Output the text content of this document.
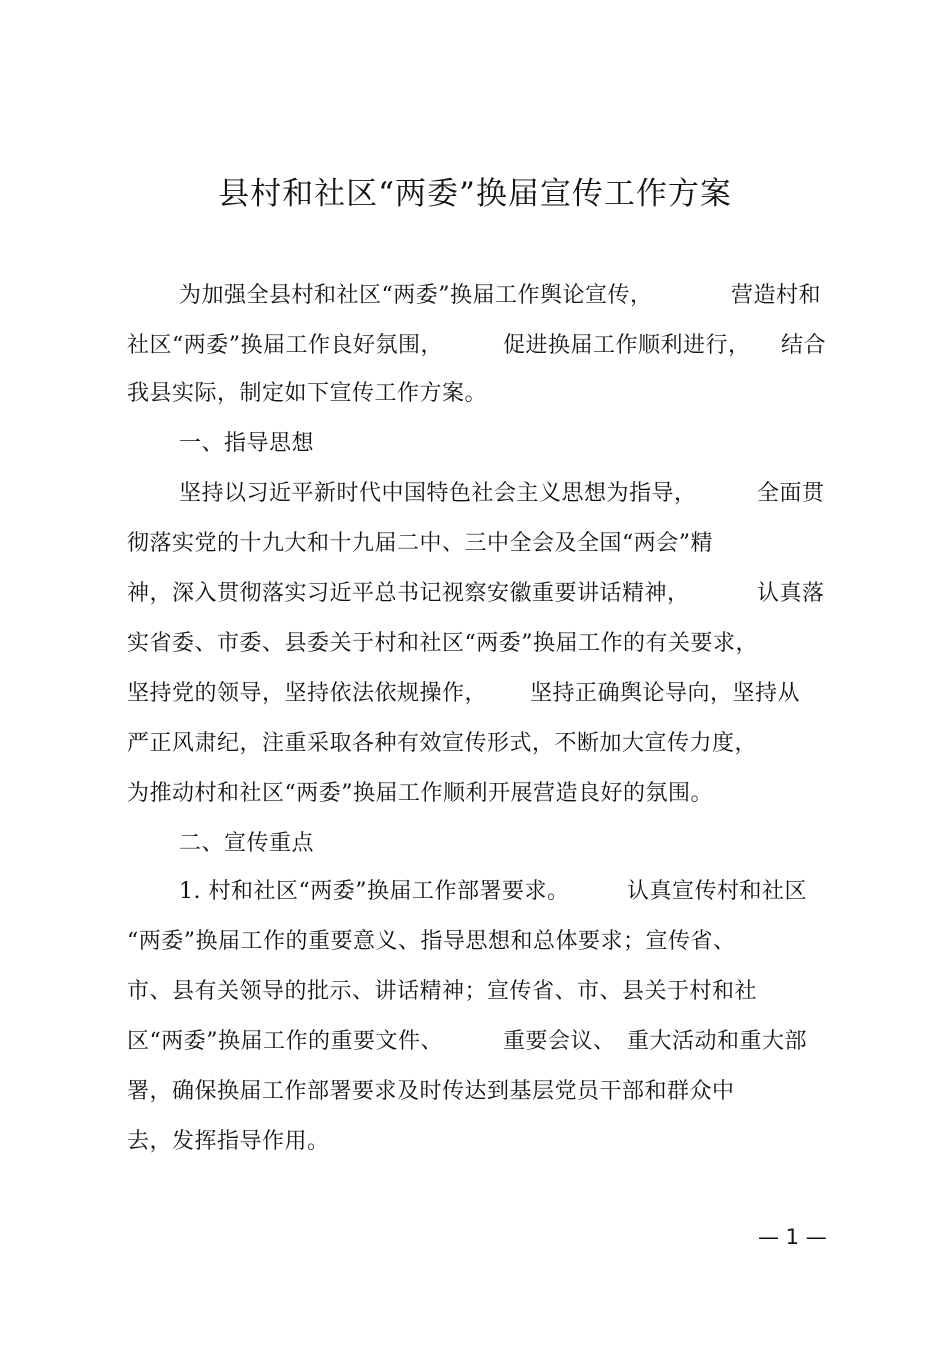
县村和社区“两委”换届宣传工作方案
为加强全县村和社区“两委”换届工作舆论宣传，	营造村和
社区“两委”换届工作良好氛围，	促进换届工作顺利进行， 结合
我县实际，制定如下宣传工作方案。
一、指导思想
坚持以习近平新时代中国特色社会主义思想为指导，	全面贯
彻落实党的十九大和十九届二中、三中全会及全国“两会”精
神，深入贯彻落实习近平总书记视察安徽重要讲话精神，	认真落
实省委、市委、县委关于村和社区“两委”换届工作的有关要求，
坚持党的领导，坚持依法依规操作， 坚持正确舆论导向，坚持从
严正风肃纪，注重采取各种有效宣传形式，不断加大宣传力度，
为推动村和社区“两委”换届工作顺利开展营造良好的氛围。
二、宣传重点
1. 村和社区“两委”换届工作部署要求。	认真宣传村和社区
“两委”换届工作的重要意义、指导思想和总体要求；宣传省、
市、县有关领导的批示、讲话精神；宣传省、市、县关于村和社
区“两委”换届工作的重要文件、	重要会议、 重大活动和重大部
署，确保换届工作部署要求及时传达到基层党员干部和群众中
去，发挥指导作用。
— 1 —
